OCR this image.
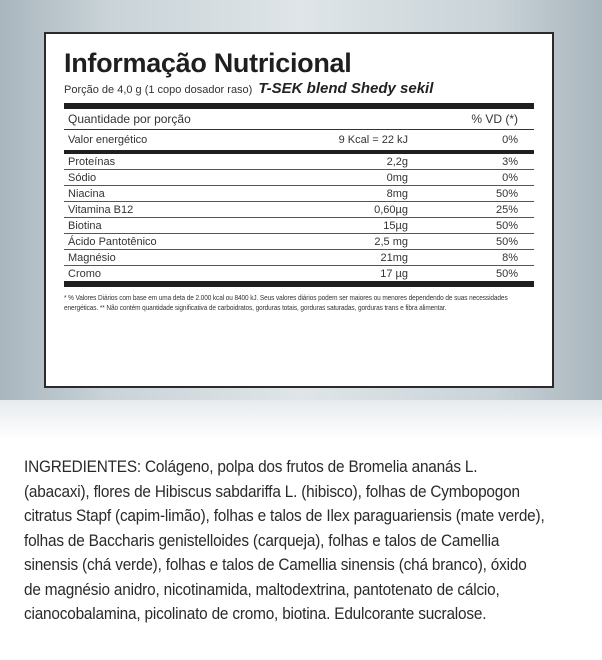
Informação Nutricional
Porção de 4,0 g (1 copo dosador raso) T-SEK blend Shedy sekil
Quantidade por porção	% VD (*)
Valor energético	9 Kcal = 22 kJ	0%
Proteínas	2,2g	3%
Sódio	0mg	0%
Niacina	8mg	50%
Vitamina B12	0,60µg	25%
Biotina	15µg	50%
Ácido Pantotênico	2,5 mg	50%
Magnésio	21mg	8%
Cromo	17 µg	50%
* % Valores Diários com base em uma deta de 2.000 kcal ou 8400 kJ. Seus valores diários podem ser maiores ou menores dependendo de suas necessidades energéticas. ** Não contém quantidade significativa de carboidratos, gorduras totais, gorduras saturadas, gorduras trans e fibra alimentar.
INGREDIENTES: Colágeno, polpa dos frutos de Bromelia ananás L. (abacaxi), flores de Hibiscus sabdariffa L. (hibisco), folhas de Cymbopogon citratus Stapf (capim-limão), folhas e talos de Ilex paraguariensis (mate verde), folhas de Baccharis genistelloides (carqueja), folhas e talos de Camellia sinensis (chá verde), folhas e talos de Camellia sinensis (chá branco), óxido de magnésio anidro, nicotinamida, maltodextrina, pantotenato de cálcio, cianocobalamina, picolinato de cromo, biotina. Edulcorante sucralose.
